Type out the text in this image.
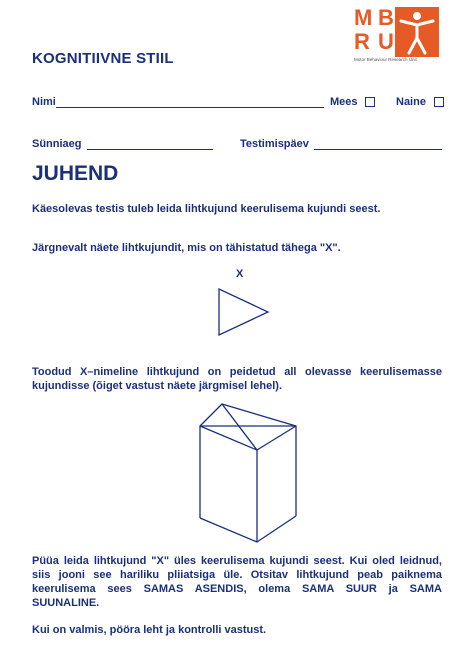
M B
R U
Motor Behaviour Research Unit
KOGNITIIVNE STIIL
Nimi	Mees	Naine
Sünniaeg	Testimispäev
JUHEND
Käesolevas testis tuleb leida lihtkujund keerulisema kujundi seest.
Järgnevalt näete lihtkujundit, mis on tähistatud tähega "X".
X
Toodud X–nimeline lihtkujund on peidetud all olevasse keerulisemasse kujundisse (õiget vastust näete järgmisel lehel).
Püüa leida lihtkujund "X" üles keerulisema kujundi seest. Kui oled leidnud, siis jooni see hariliku pliiatsiga üle. Otsitav lihtkujund peab paiknema keerulisema sees SAMAS ASENDIS, olema SAMA SUUR ja SAMA SUUNALINE.
Kui on valmis, pööra leht ja kontrolli vastust.
